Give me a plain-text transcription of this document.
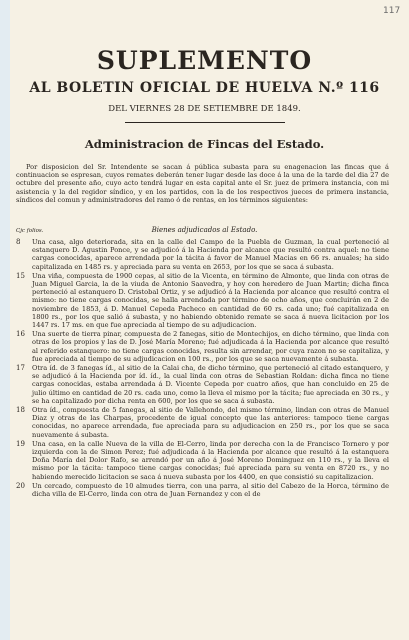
117
SUPLEMENTO
AL BOLETIN OFICIAL DE HUELVA N.º 116
DEL VIERNES 28 DE SETIEMBRE DE 1849.
Administracion de Fincas del Estado.
Por disposicion del Sr. Intendente se sacan á pública subasta para su enagenacion las fincas que á continuacion se espresan, cuyos remates deberán tener lugar desde las doce á la una de la tarde del dia 27 de octubre del presente año, cuyo acto tendrá lugar en esta capital ante el Sr. juez de primera instancia, con mi asistencia y la del regidor síndico, y en los partidos, con la de los respectivos jueces de primera instancia, síndicos del comun y administradores del ramo ó de rentas, en los términos siguientes:
Cjc folios.	Bienes adjudicados al Estado.
8	Una casa, algo deteriorada, sita en la calle del Campo de la Puebla de Guzman, la cual perteneció al estanquero D. Agustin Ponce, y se adjudicó á la Hacienda por alcance que resultó contra aquel: no tiene cargas conocidas, aparece arrendada por la tácita á favor de Manuel Macias en 66 rs. anuales; ha sido capitalizada en 1485 rs. y apreciada para su venta en 2653, por los que se saca á subasta.
15	Una viña, compuesta de 1900 cepas, al sitio de la Vicenta, en término de Almonte, que linda con otras de Juan Miguel Garcia, la de la viuda de Antonio Saavedra, y hoy con heredero de Juan Martin; dicha finca perteneció al estanquero D. Cristobal Ortiz, y se adjudicó á la Hacienda por alcance que resultó contra el mismo: no tiene cargas conocidas, se halla arrendada por término de ocho años, que concluirán en 2 de noviembre de 1853, á D. Manuel Cepeda Pacheco en cantidad de 60 rs. cada uno; fué capitalizada en 1800 rs., por los que salió á subasta, y no habiendo obtenido remate se saca á nueva licitacion por los 1447 rs. 17 ms. en que fue apreciada al tiempo de su adjudicacion.
16	Una suerte de tierra pinar, compuesta de 2 fanegas, sitio de Montechijos, en dicho término, que linda con otras de los propios y las de D. José María Moreno; fué adjudicada á la Hacienda por alcance que resultó al referido estanquero: no tiene cargas conocidas, resulta sin arrendar, por cuya razon no se capitaliza, y fue apreciada al tiempo de su adjudicacion en 100 rs., por los que se saca nuevamente á subasta.
17	Otra íd. de 3 fanegas íd., al sitio de la Calai cha, de dicho término, que perteneció al citado estanquero, y se adjudicó á la Hacienda por íd. íd., la cual linda con otras de Sebastian Roldan: dicha finca no tiene cargas conocidas, estaba arrendada á D. Vicente Cepeda por cuatro años, que han concluido en 25 de julio último en cantidad de 20 rs. cada uno, como la lleva el mismo por la tácita; fue apreciada en 30 rs., y se ha capitalizado por dicha renta en 600, por los que se saca á subasta.
18	Otra íd., compuesta de 5 fanegas, al sitio de Vallehondo, del mismo término, lindan con otras de Manuel Diaz y otras de las Charpas, procedente de igual concepto que las anteriores: tampoco tiene cargas conocidas, no aparece arrendada, fue apreciada para su adjudicacion en 250 rs., por los que se saca nuevamente á subasta.
19	Una casa, en la calle Nueva de la villa de El-Cerro, linda por derecha con la de Francisco Tornero y por izquierda con la de Simon Perez; fué adjudicada á la Hacienda por alcance que resultó á la estanquera Doña María del Dolor Rafo, se arrendó por un año á José Moreno Dominguez en 110 rs., y la lleva el mismo por la tácita: tampoco tiene cargas conocidas; fué apreciada para su venta en 8720 rs., y no habiendo merecido licitacion se saca á nueva subasta por los 4400, en que consistió su capitalizacion.
20	Un cercado, compuesto de 10 almudes tierra, con una parra, al sitio del Cabezo de la Horca, término de dicha villa de El-Cerro, linda con otra de Juan Fernandez y con el de
